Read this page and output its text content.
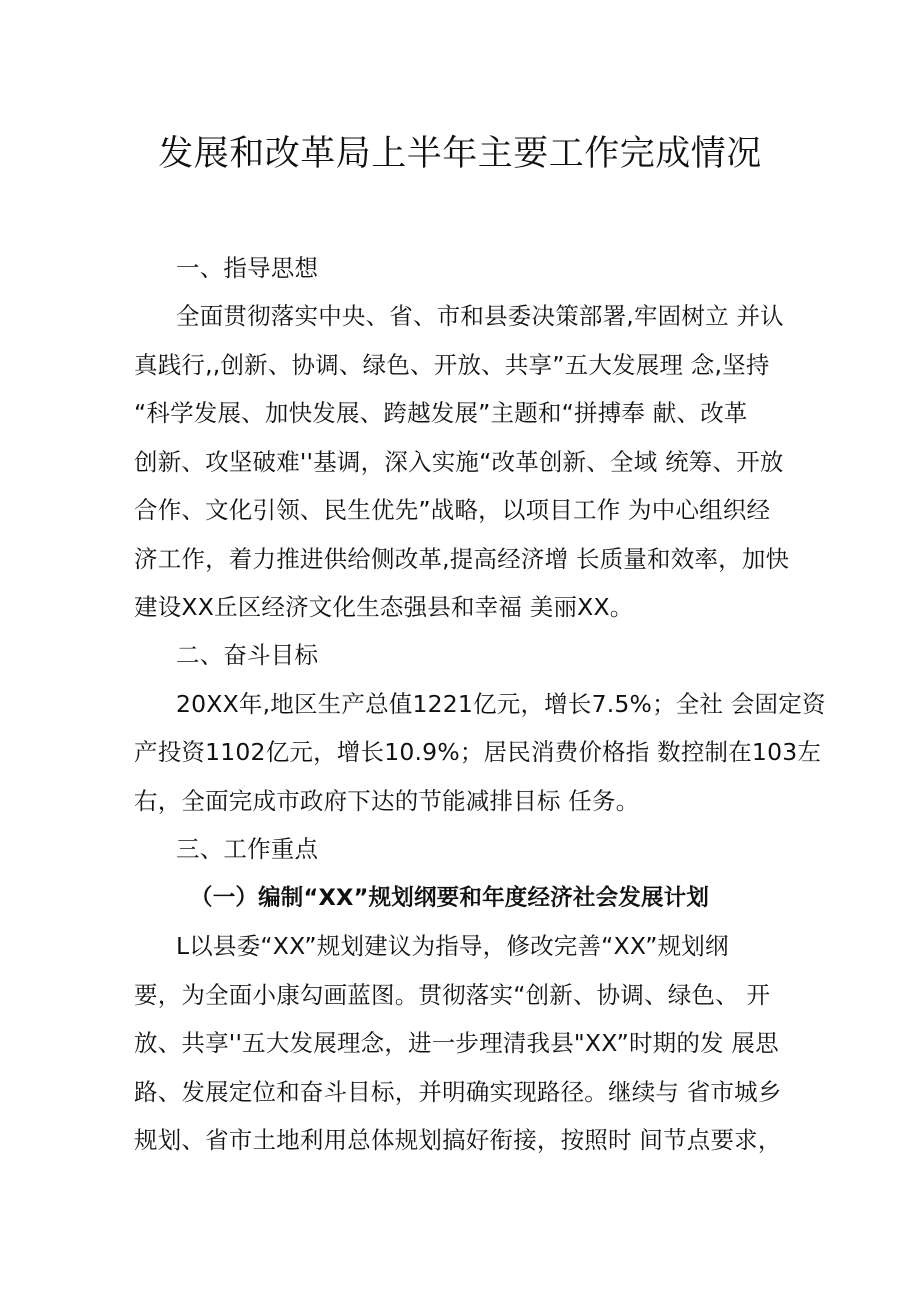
发展和改革局上半年主要工作完成情况
一、指导思想
全面贯彻落实中央、省、市和县委决策部署,牢固树立 并认
真践行,,创新、协调、绿色、开放、共享”五大发展理 念,坚持
“科学发展、加快发展、跨越发展”主题和“拼搏奉 献、改革
创新、攻坚破难''基调，深入实施“改革创新、全域 统筹、开放
合作、文化引领、民生优先”战略，以项目工作 为中心组织经
济工作，着力推进供给侧改革,提高经济增 长质量和效率，加快
建设XX丘区经济文化生态强县和幸福 美丽XX。
二、奋斗目标
20XX年,地区生产总值1221亿元，增长7.5%；全社 会固定资
产投资1102亿元，增长10.9%；居民消费价格指 数控制在103左
右，全面完成市政府下达的节能减排目标 任务。
三、工作重点
（一）编制“XX”规划纲要和年度经济社会发展计划
L以县委“XX”规划建议为指导，修改完善“XX”规划纲
要，为全面小康勾画蓝图。贯彻落实“创新、协调、绿色、 开
放、共享''五大发展理念，进一步理清我县"XX”时期的发 展思
路、发展定位和奋斗目标，并明确实现路径。继续与 省市城乡
规划、省市土地利用总体规划搞好衔接，按照时 间节点要求，
